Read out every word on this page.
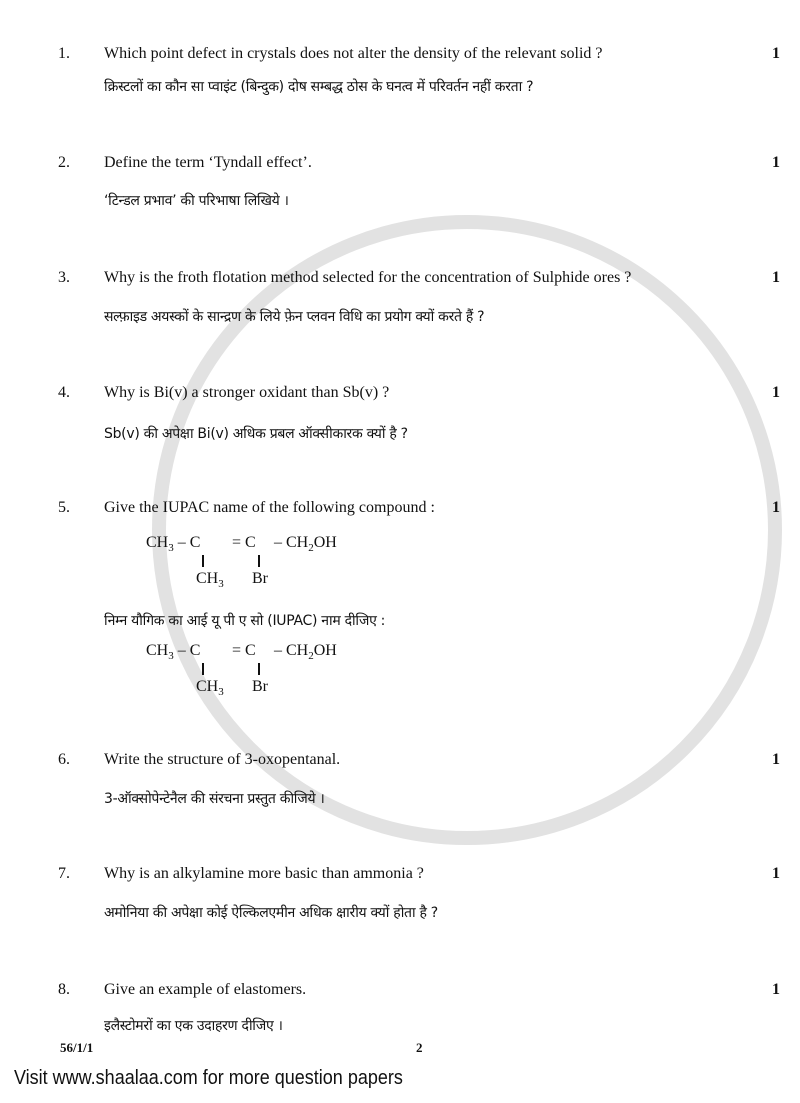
1. Which point defect in crystals does not alter the density of the relevant solid ?
क्रिस्टलों का कौन सा प्वाइंट (बिन्दुक) दोष सम्बद्ध ठोस के घनत्व में परिवर्तन नहीं करता ?
1
2. Define the term ‘Tyndall effect’.
‘टिन्डल प्रभाव’ की परिभाषा लिखिये ।
1
3. Why is the froth flotation method selected for the concentration of Sulphide ores ?
सल्फ़ाइड अयस्कों के सान्द्रण के लिये फ़ेन प्लवन विधि का प्रयोग क्यों करते हैं ?
1
4. Why is Bi(v) a stronger oxidant than Sb(v) ?
Sb(v) की अपेक्षा Bi(v) अधिक प्रबल ऑक्सीकारक क्यों है ?
1
5. Give the IUPAC name of the following compound :
निम्न यौगिक का आई यू पी ए सो (IUPAC) नाम दीजिए :
1
6. Write the structure of 3-oxopentanal.
3-ऑक्सोपेन्टेनैल की संरचना प्रस्तुत कीजिये ।
1
7. Why is an alkylamine more basic than ammonia ?
अमोनिया की अपेक्षा कोई ऐल्किलएमीन अधिक क्षारीय क्यों होता है ?
1
8. Give an example of elastomers.
इलैस्टोमरों का एक उदाहरण दीजिए ।
1
$CH_3 - C = C - CH_2OH$
$CH_3$ Br
$CH_3 - C = C - CH_2OH$
$CH_3$ Br
56/1/1	2
Visit www.shaalaa.com for more question papers
